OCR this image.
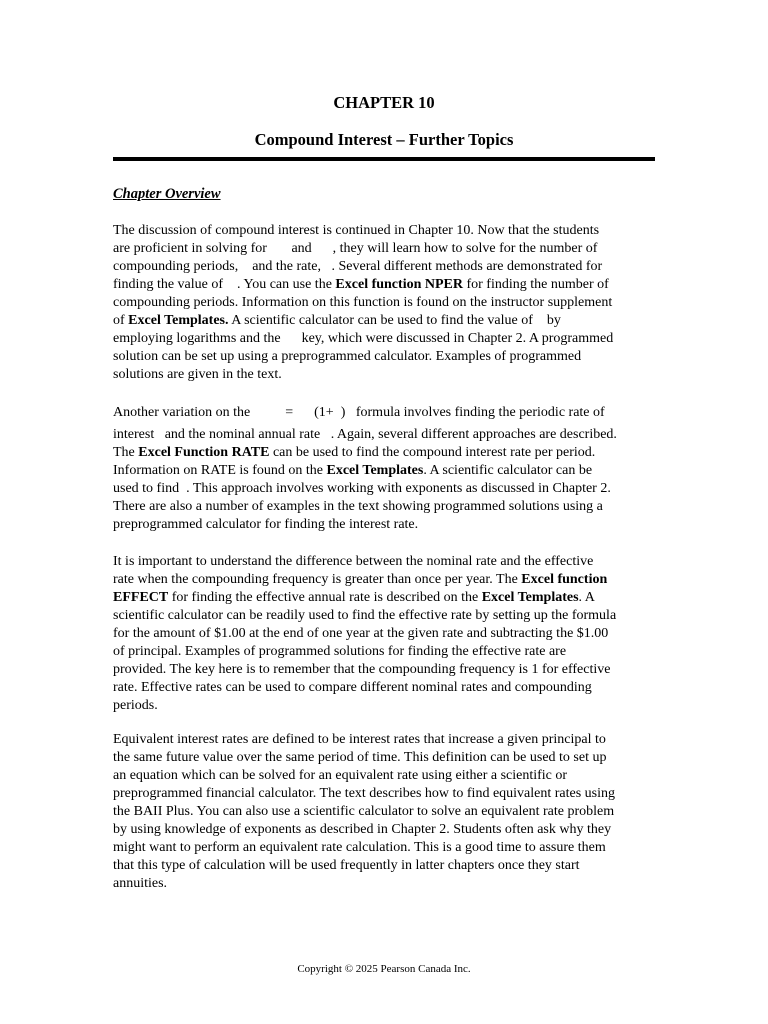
CHAPTER 10
Compound Interest – Further Topics
Chapter Overview
The discussion of compound interest is continued in Chapter 10. Now that the students
are proficient in solving for       and      , they will learn how to solve for the number of
compounding periods,    and the rate,   . Several different methods are demonstrated for
finding the value of    . You can use the Excel function NPER for finding the number of
compounding periods. Information on this function is found on the instructor supplement
of Excel Templates. A scientific calculator can be used to find the value of    by
employing logarithms and the      key, which were discussed in Chapter 2. A programmed
solution can be set up using a preprogrammed calculator. Examples of programmed
solutions are given in the text.
Another variation on the          =      (1+  )   formula involves finding the periodic rate of
interest   and the nominal annual rate   . Again, several different approaches are described.
The Excel Function RATE can be used to find the compound interest rate per period.
Information on RATE is found on the Excel Templates. A scientific calculator can be
used to find  . This approach involves working with exponents as discussed in Chapter 2.
There are also a number of examples in the text showing programmed solutions using a
preprogrammed calculator for finding the interest rate.
It is important to understand the difference between the nominal rate and the effective
rate when the compounding frequency is greater than once per year. The Excel function
EFFECT for finding the effective annual rate is described on the Excel Templates. A
scientific calculator can be readily used to find the effective rate by setting up the formula
for the amount of $1.00 at the end of one year at the given rate and subtracting the $1.00
of principal. Examples of programmed solutions for finding the effective rate are
provided. The key here is to remember that the compounding frequency is 1 for effective
rate. Effective rates can be used to compare different nominal rates and compounding
periods.
Equivalent interest rates are defined to be interest rates that increase a given principal to
the same future value over the same period of time. This definition can be used to set up
an equation which can be solved for an equivalent rate using either a scientific or
preprogrammed financial calculator. The text describes how to find equivalent rates using
the BAII Plus. You can also use a scientific calculator to solve an equivalent rate problem
by using knowledge of exponents as described in Chapter 2. Students often ask why they
might want to perform an equivalent rate calculation. This is a good time to assure them
that this type of calculation will be used frequently in latter chapters once they start
annuities.
Copyright © 2025 Pearson Canada Inc.
